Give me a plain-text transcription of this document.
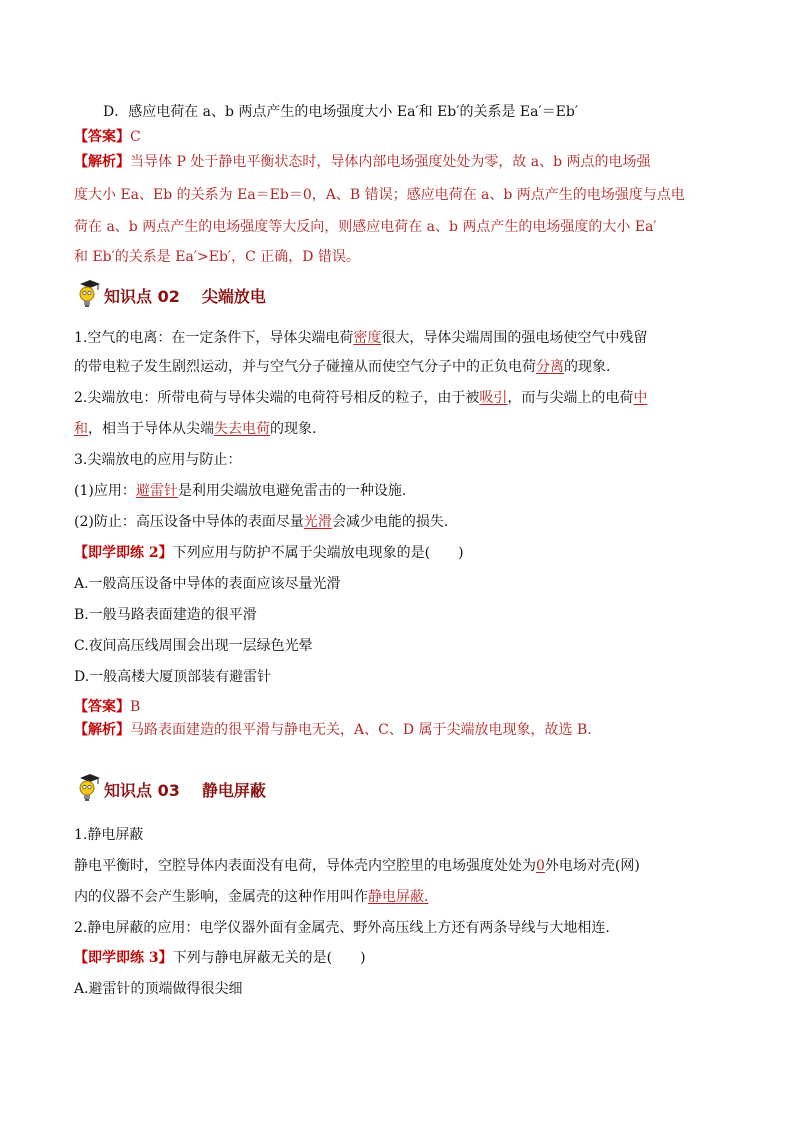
D．感应电荷在 a、b 两点产生的电场强度大小 Ea′和 Eb′的关系是 Ea′＝Eb′
【答案】C
【解析】当导体 P 处于静电平衡状态时，导体内部电场强度处处为零，故 a、b 两点的电场强
度大小 Ea、Eb 的关系为 Ea＝Eb＝0，A、B 错误；感应电荷在 a、b 两点产生的电场强度与点电
荷在 a、b 两点产生的电场强度等大反向，则感应电荷在 a、b 两点产生的电场强度的大小 Ea′
和 Eb′的关系是 Ea′>Eb′，C 正确，D 错误。
知识点 02 尖端放电
1.空气的电离：在一定条件下，导体尖端电荷密度很大，导体尖端周围的强电场使空气中残留
的带电粒子发生剧烈运动，并与空气分子碰撞从而使空气分子中的正负电荷分离的现象.
2.尖端放电：所带电荷与导体尖端的电荷符号相反的粒子，由于被吸引，而与尖端上的电荷中
和，相当于导体从尖端失去电荷的现象.
3.尖端放电的应用与防止：
(1)应用：避雷针是利用尖端放电避免雷击的一种设施.
(2)防止：高压设备中导体的表面尽量光滑会减少电能的损失.
【即学即练 2】下列应用与防护不属于尖端放电现象的是(　　)
A.一般高压设备中导体的表面应该尽量光滑
B.一般马路表面建造的很平滑
C.夜间高压线周围会出现一层绿色光晕
D.一般高楼大厦顶部装有避雷针
【答案】B
【解析】马路表面建造的很平滑与静电无关，A、C、D 属于尖端放电现象，故选 B.
知识点 03 静电屏蔽
1.静电屏蔽
静电平衡时，空腔导体内表面没有电荷，导体壳内空腔里的电场强度处处为0外电场对壳(网)
内的仪器不会产生影响，金属壳的这种作用叫作静电屏蔽.
2.静电屏蔽的应用：电学仪器外面有金属壳、野外高压线上方还有两条导线与大地相连.
【即学即练 3】下列与静电屏蔽无关的是(　　)
A.避雷针的顶端做得很尖细
